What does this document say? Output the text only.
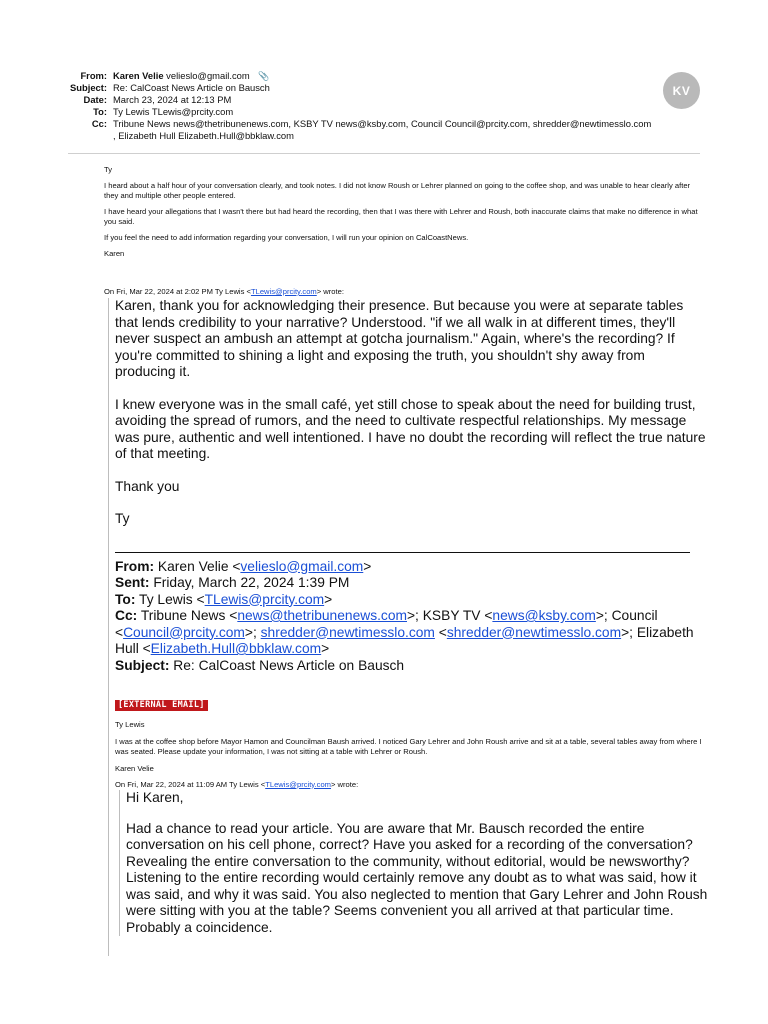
From: Karen Velie velieslo@gmail.com 📎
Subject: Re: CalCoast News Article on Bausch
Date: March 23, 2024 at 12:13 PM
To: Ty Lewis TLewis@prcity.com
Cc: Tribune News news@thetribunenews.com, KSBY TV news@ksby.com, Council Council@prcity.com, shredder@newtimesslo.com
, Elizabeth Hull Elizabeth.Hull@bbklaw.com
KV

Ty

I heard about a half hour of your conversation clearly, and took notes. I did not know Roush or Lehrer planned on going to the coffee shop, and was unable to hear clearly after they and multiple other people entered.

I have heard your allegations that I wasn't there but had heard the recording, then that I was there with Lehrer and Roush, both inaccurate claims that make no difference in what you said.

If you feel the need to add information regarding your conversation, I will run your opinion on CalCoastNews.

Karen

On Fri, Mar 22, 2024 at 2:02 PM Ty Lewis <TLewis@prcity.com> wrote:

Karen, thank you for acknowledging their presence. But because you were at separate tables that lends credibility to your narrative? Understood. "if we all walk in at different times, they'll never suspect an ambush an attempt at gotcha journalism." Again, where's the recording? If you're committed to shining a light and exposing the truth, you shouldn't shy away from producing it.

I knew everyone was in the small café, yet still chose to speak about the need for building trust, avoiding the spread of rumors, and the need to cultivate respectful relationships. My message was pure, authentic and well intentioned. I have no doubt the recording will reflect the true nature of that meeting.

Thank you

Ty

From: Karen Velie <velieslo@gmail.com>
Sent: Friday, March 22, 2024 1:39 PM
To: Ty Lewis <TLewis@prcity.com>
Cc: Tribune News <news@thetribunenews.com>; KSBY TV <news@ksby.com>; Council <Council@prcity.com>; shredder@newtimesslo.com <shredder@newtimesslo.com>; Elizabeth Hull <Elizabeth.Hull@bbklaw.com>
Subject: Re: CalCoast News Article on Bausch
[EXTERNAL EMAIL]

Ty Lewis

I was at the coffee shop before Mayor Hamon and Councilman Baush arrived. I noticed Gary Lehrer and John Roush arrive and sit at a table, several tables away from where I was seated. Please update your information, I was not sitting at a table with Lehrer or Roush.

Karen Velie

On Fri, Mar 22, 2024 at 11:09 AM Ty Lewis <TLewis@prcity.com> wrote:

Hi Karen,

Had a chance to read your article. You are aware that Mr. Bausch recorded the entire conversation on his cell phone, correct? Have you asked for a recording of the conversation? Revealing the entire conversation to the community, without editorial, would be newsworthy? Listening to the entire recording would certainly remove any doubt as to what was said, how it was said, and why it was said. You also neglected to mention that Gary Lehrer and John Roush were sitting with you at the table? Seems convenient you all arrived at that particular time. Probably a coincidence.
